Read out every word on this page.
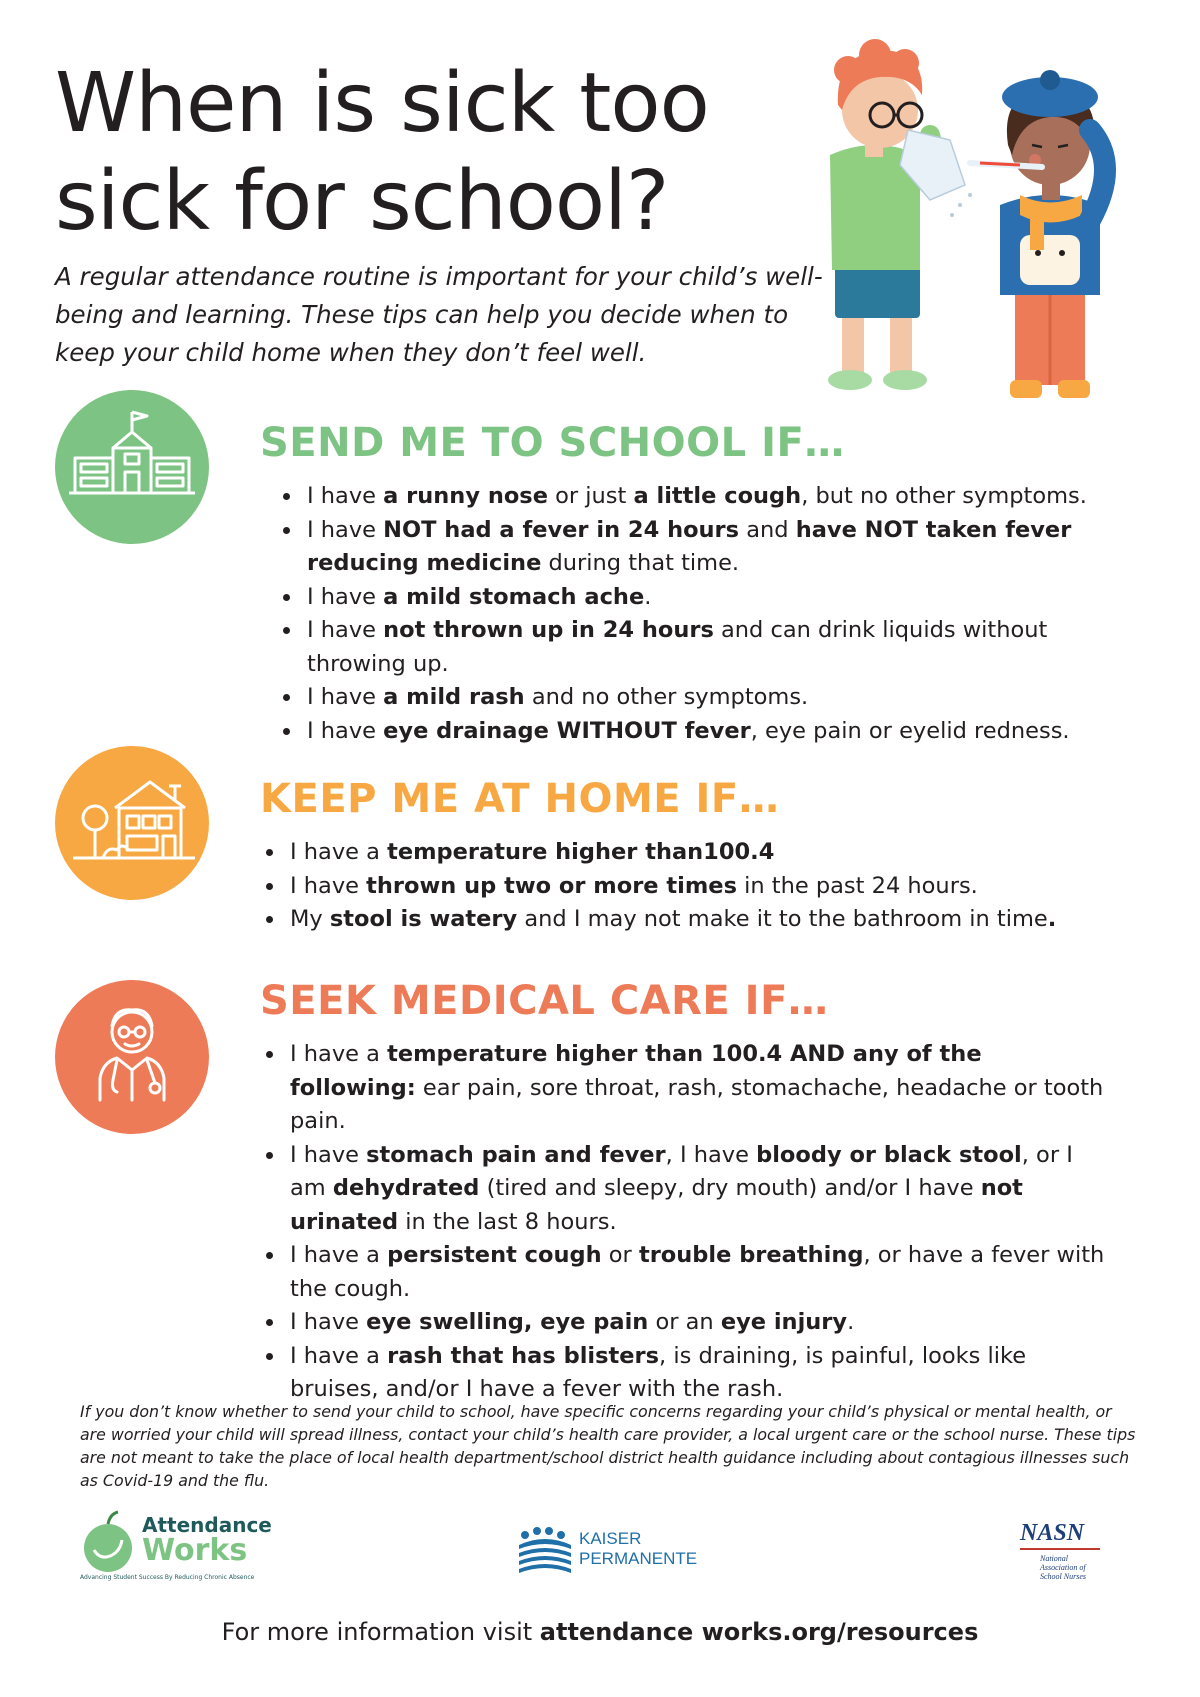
When is sick too
sick for school?

A regular attendance routine is important for your child’s well-being and learning. These tips can help you decide when to keep your child home when they don’t feel well.

SEND ME TO SCHOOL IF…
• I have a runny nose or just a little cough, but no other symptoms.
• I have NOT had a fever in 24 hours and have NOT taken fever reducing medicine during that time.
• I have a mild stomach ache.
• I have not thrown up in 24 hours and can drink liquids without throwing up.
• I have a mild rash and no other symptoms.
• I have eye drainage WITHOUT fever, eye pain or eyelid redness.
KEEP ME AT HOME IF…
• I have a temperature higher than100.4
• I have thrown up two or more times in the past 24 hours.
• My stool is watery and I may not make it to the bathroom in time.
SEEK MEDICAL CARE IF…
• I have a temperature higher than 100.4 AND any of the following: ear pain, sore throat, rash, stomachache, headache or tooth pain.
• I have stomach pain and fever, I have bloody or black stool, or I am dehydrated (tired and sleepy, dry mouth) and/or I have not urinated in the last 8 hours.
• I have a persistent cough or trouble breathing, or have a fever with the cough.
• I have eye swelling, eye pain or an eye injury.
• I have a rash that has blisters, is draining, is painful, looks like bruises, and/or I have a fever with the rash.

If you don’t know whether to send your child to school, have specific concerns regarding your child’s physical or mental health, or are worried your child will spread illness, contact your child’s health care provider, a local urgent care or the school nurse. These tips are not meant to take the place of local health department/school district health guidance including about contagious illnesses such as Covid-19 and the flu.

Attendance
Works
Advancing Student Success By Reducing Chronic Absence
KAISER
PERMANENTE
NASN
National
Association of
School Nurses

For more information visit attendance works.org/resources
